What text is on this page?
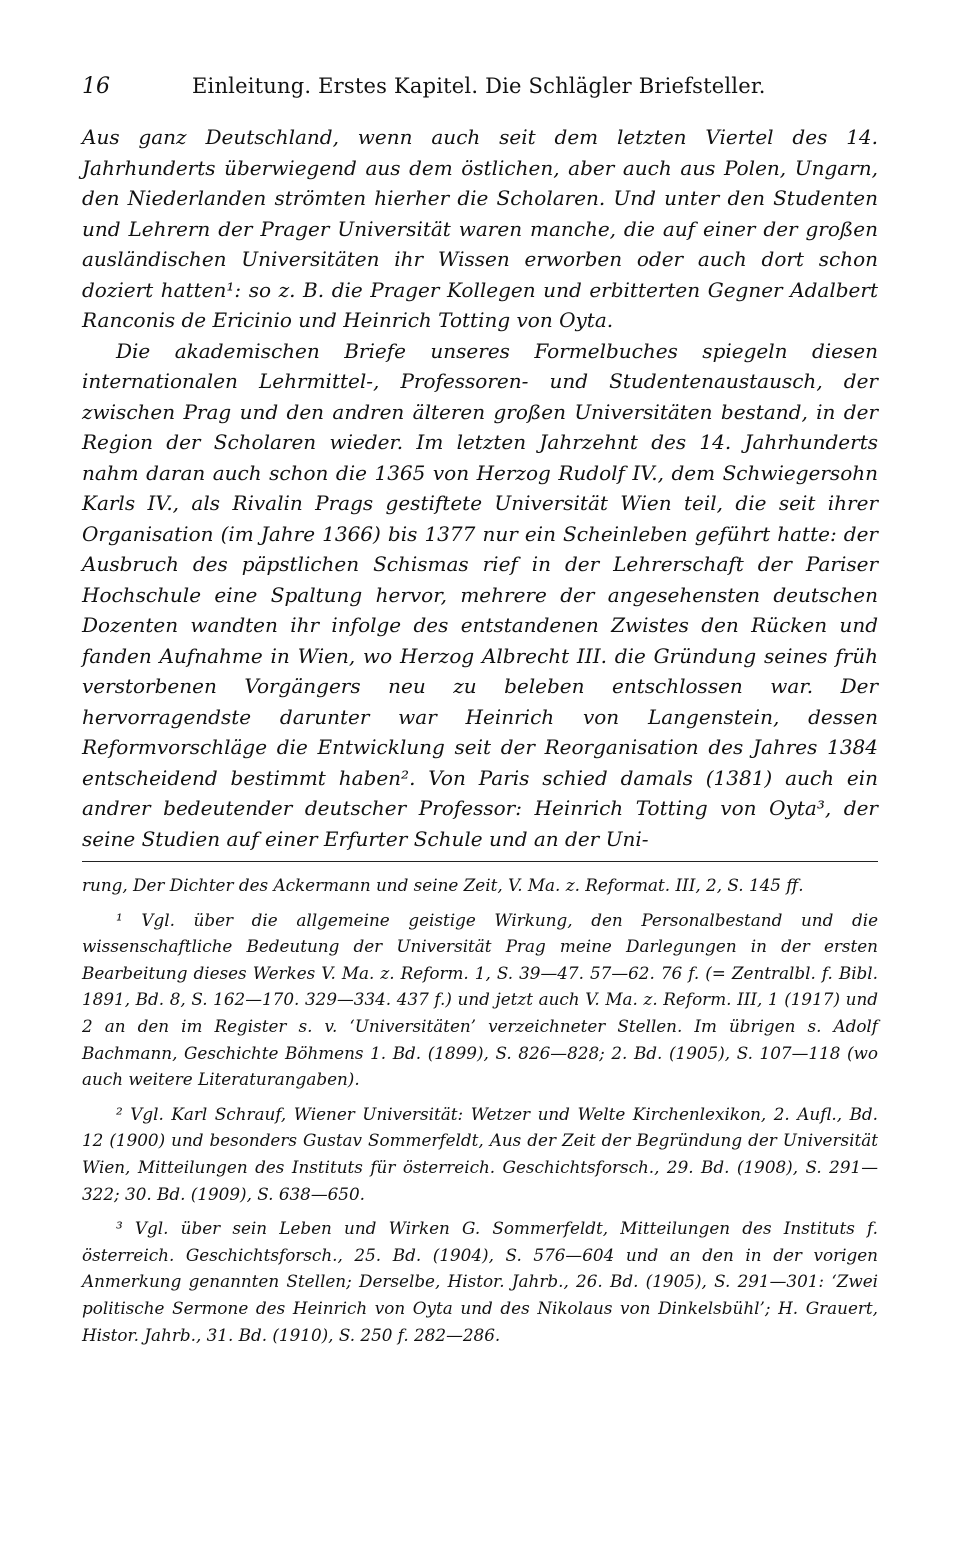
16	Einleitung. Erstes Kapitel. Die Schlägler Briefsteller.

Aus ganz Deutschland, wenn auch seit dem letzten Viertel des 14. Jahrhunderts überwiegend aus dem östlichen, aber auch aus Polen, Ungarn, den Niederlanden strömten hierher die Scholaren. Und unter den Studenten und Lehrern der Prager Universität waren manche, die auf einer der großen ausländischen Universitäten ihr Wissen erworben oder auch dort schon doziert hatten¹: so z. B. die Prager Kollegen und erbitterten Gegner Adalbert Ranconis de Ericinio und Heinrich Totting von Oyta.

Die akademischen Briefe unseres Formelbuches spiegeln diesen internationalen Lehrmittel-, Professoren- und Studentenaustausch, der zwischen Prag und den andren älteren großen Universitäten bestand, in der Region der Scholaren wieder. Im letzten Jahrzehnt des 14. Jahrhunderts nahm daran auch schon die 1365 von Herzog Rudolf IV., dem Schwiegersohn Karls IV., als Rivalin Prags gestiftete Universität Wien teil, die seit ihrer Organisation (im Jahre 1366) bis 1377 nur ein Scheinleben geführt hatte: der Ausbruch des päpstlichen Schismas rief in der Lehrerschaft der Pariser Hochschule eine Spaltung hervor, mehrere der angesehensten deutschen Dozenten wandten ihr infolge des entstandenen Zwistes den Rücken und fanden Aufnahme in Wien, wo Herzog Albrecht III. die Gründung seines früh verstorbenen Vorgängers neu zu beleben entschlossen war. Der hervorragendste darunter war Heinrich von Langenstein, dessen Reformvorschläge die Entwicklung seit der Reorganisation des Jahres 1384 entscheidend bestimmt haben². Von Paris schied damals (1381) auch ein andrer bedeutender deutscher Professor: Heinrich Totting von Oyta³, der seine Studien auf einer Erfurter Schule und an der Uni-

rung, Der Dichter des Ackermann und seine Zeit, V. Ma. z. Reformat. III, 2, S. 145 ff.

¹ Vgl. über die allgemeine geistige Wirkung, den Personalbestand und die wissenschaftliche Bedeutung der Universität Prag meine Darlegungen in der ersten Bearbeitung dieses Werkes V. Ma. z. Reform. 1, S. 39—47. 57—62. 76 f. (= Zentralbl. f. Bibl. 1891, Bd. 8, S. 162—170. 329—334. 437 f.) und jetzt auch V. Ma. z. Reform. III, 1 (1917) und 2 an den im Register s. v. ‘Universitäten’ verzeichneter Stellen. Im übrigen s. Adolf Bachmann, Geschichte Böhmens 1. Bd. (1899), S. 826—828; 2. Bd. (1905), S. 107—118 (wo auch weitere Literaturangaben).

² Vgl. Karl Schrauf, Wiener Universität: Wetzer und Welte Kirchenlexikon, 2. Aufl., Bd. 12 (1900) und besonders Gustav Sommerfeldt, Aus der Zeit der Begründung der Universität Wien, Mitteilungen des Instituts für österreich. Geschichtsforsch., 29. Bd. (1908), S. 291—322; 30. Bd. (1909), S. 638—650.

³ Vgl. über sein Leben und Wirken G. Sommerfeldt, Mitteilungen des Instituts f. österreich. Geschichtsforsch., 25. Bd. (1904), S. 576—604 und an den in der vorigen Anmerkung genannten Stellen; Derselbe, Histor. Jahrb., 26. Bd. (1905), S. 291—301: ‘Zwei politische Sermone des Heinrich von Oyta und des Nikolaus von Dinkelsbühl’; H. Grauert, Histor. Jahrb., 31. Bd. (1910), S. 250 f. 282—286.
